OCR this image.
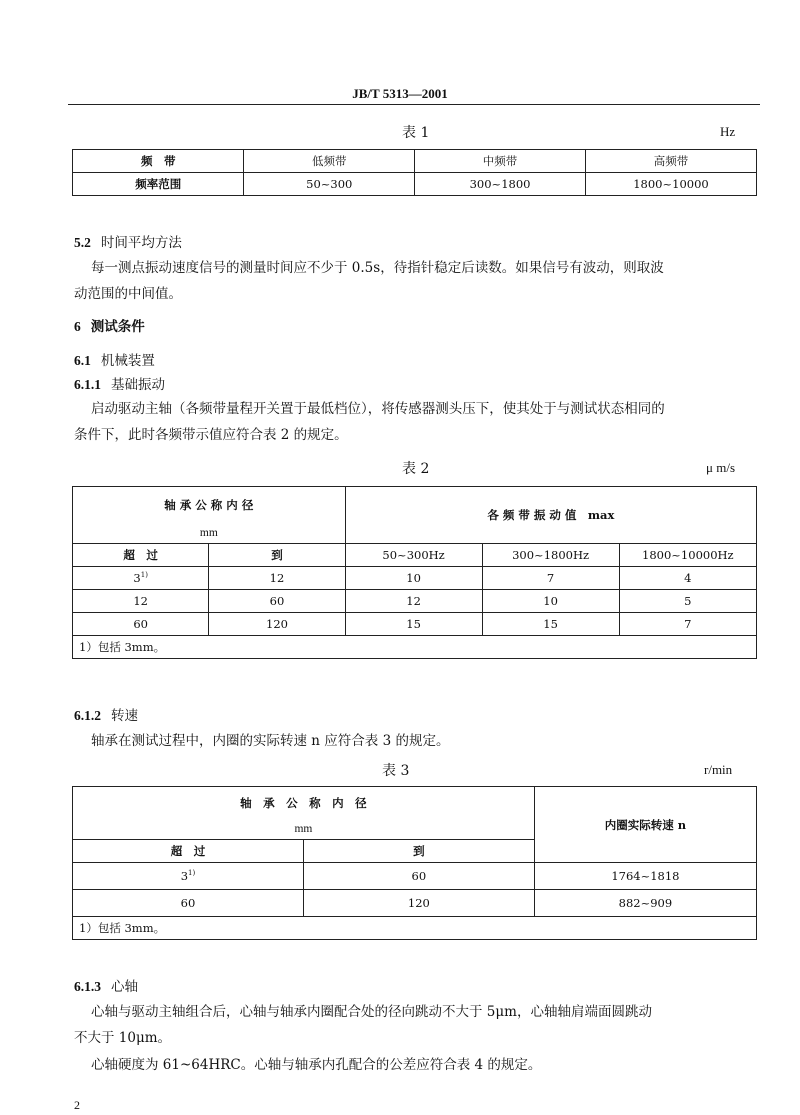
JB/T 5313—2001
表 1	Hz
频　带	低频带	中频带	高频带
频率范围	50~300	300~1800	1800~10000
5.2 时间平均方法
每一测点振动速度信号的测量时间应不少于 0.5s，待指针稳定后读数。如果信号有波动，则取波
动范围的中间值。
6 测试条件
6.1 机械装置
6.1.1 基础振动
启动驱动主轴（各频带量程开关置于最低档位），将传感器测头压下，使其处于与测试状态相同的
条件下，此时各频带示值应符合表 2 的规定。
表 2	μ m/s
轴 承 公 称 内 径
mm		各 频 带 振 动 值　max		
超　过	到	50~300Hz	300~1800Hz	1800~10000Hz
3$^{1)}$	12	10	7	4
12	60	12	10	5
60	120	15	15	7
1）包括 3mm。				
6.1.2 转速
轴承在测试过程中，内圈的实际转速 n 应符合表 3 的规定。
表 3	r/min
轴　承　公　称　内　径
mm		内圈实际转速 n
超　过	到	
3$^{1)}$	60	1764~1818
60	120	882~909
1）包括 3mm。		
6.1.3 心轴
心轴与驱动主轴组合后，心轴与轴承内圈配合处的径向跳动不大于 5μm，心轴轴肩端面圆跳动
不大于 10μm。
心轴硬度为 61~64HRC。心轴与轴承内孔配合的公差应符合表 4 的规定。
2
